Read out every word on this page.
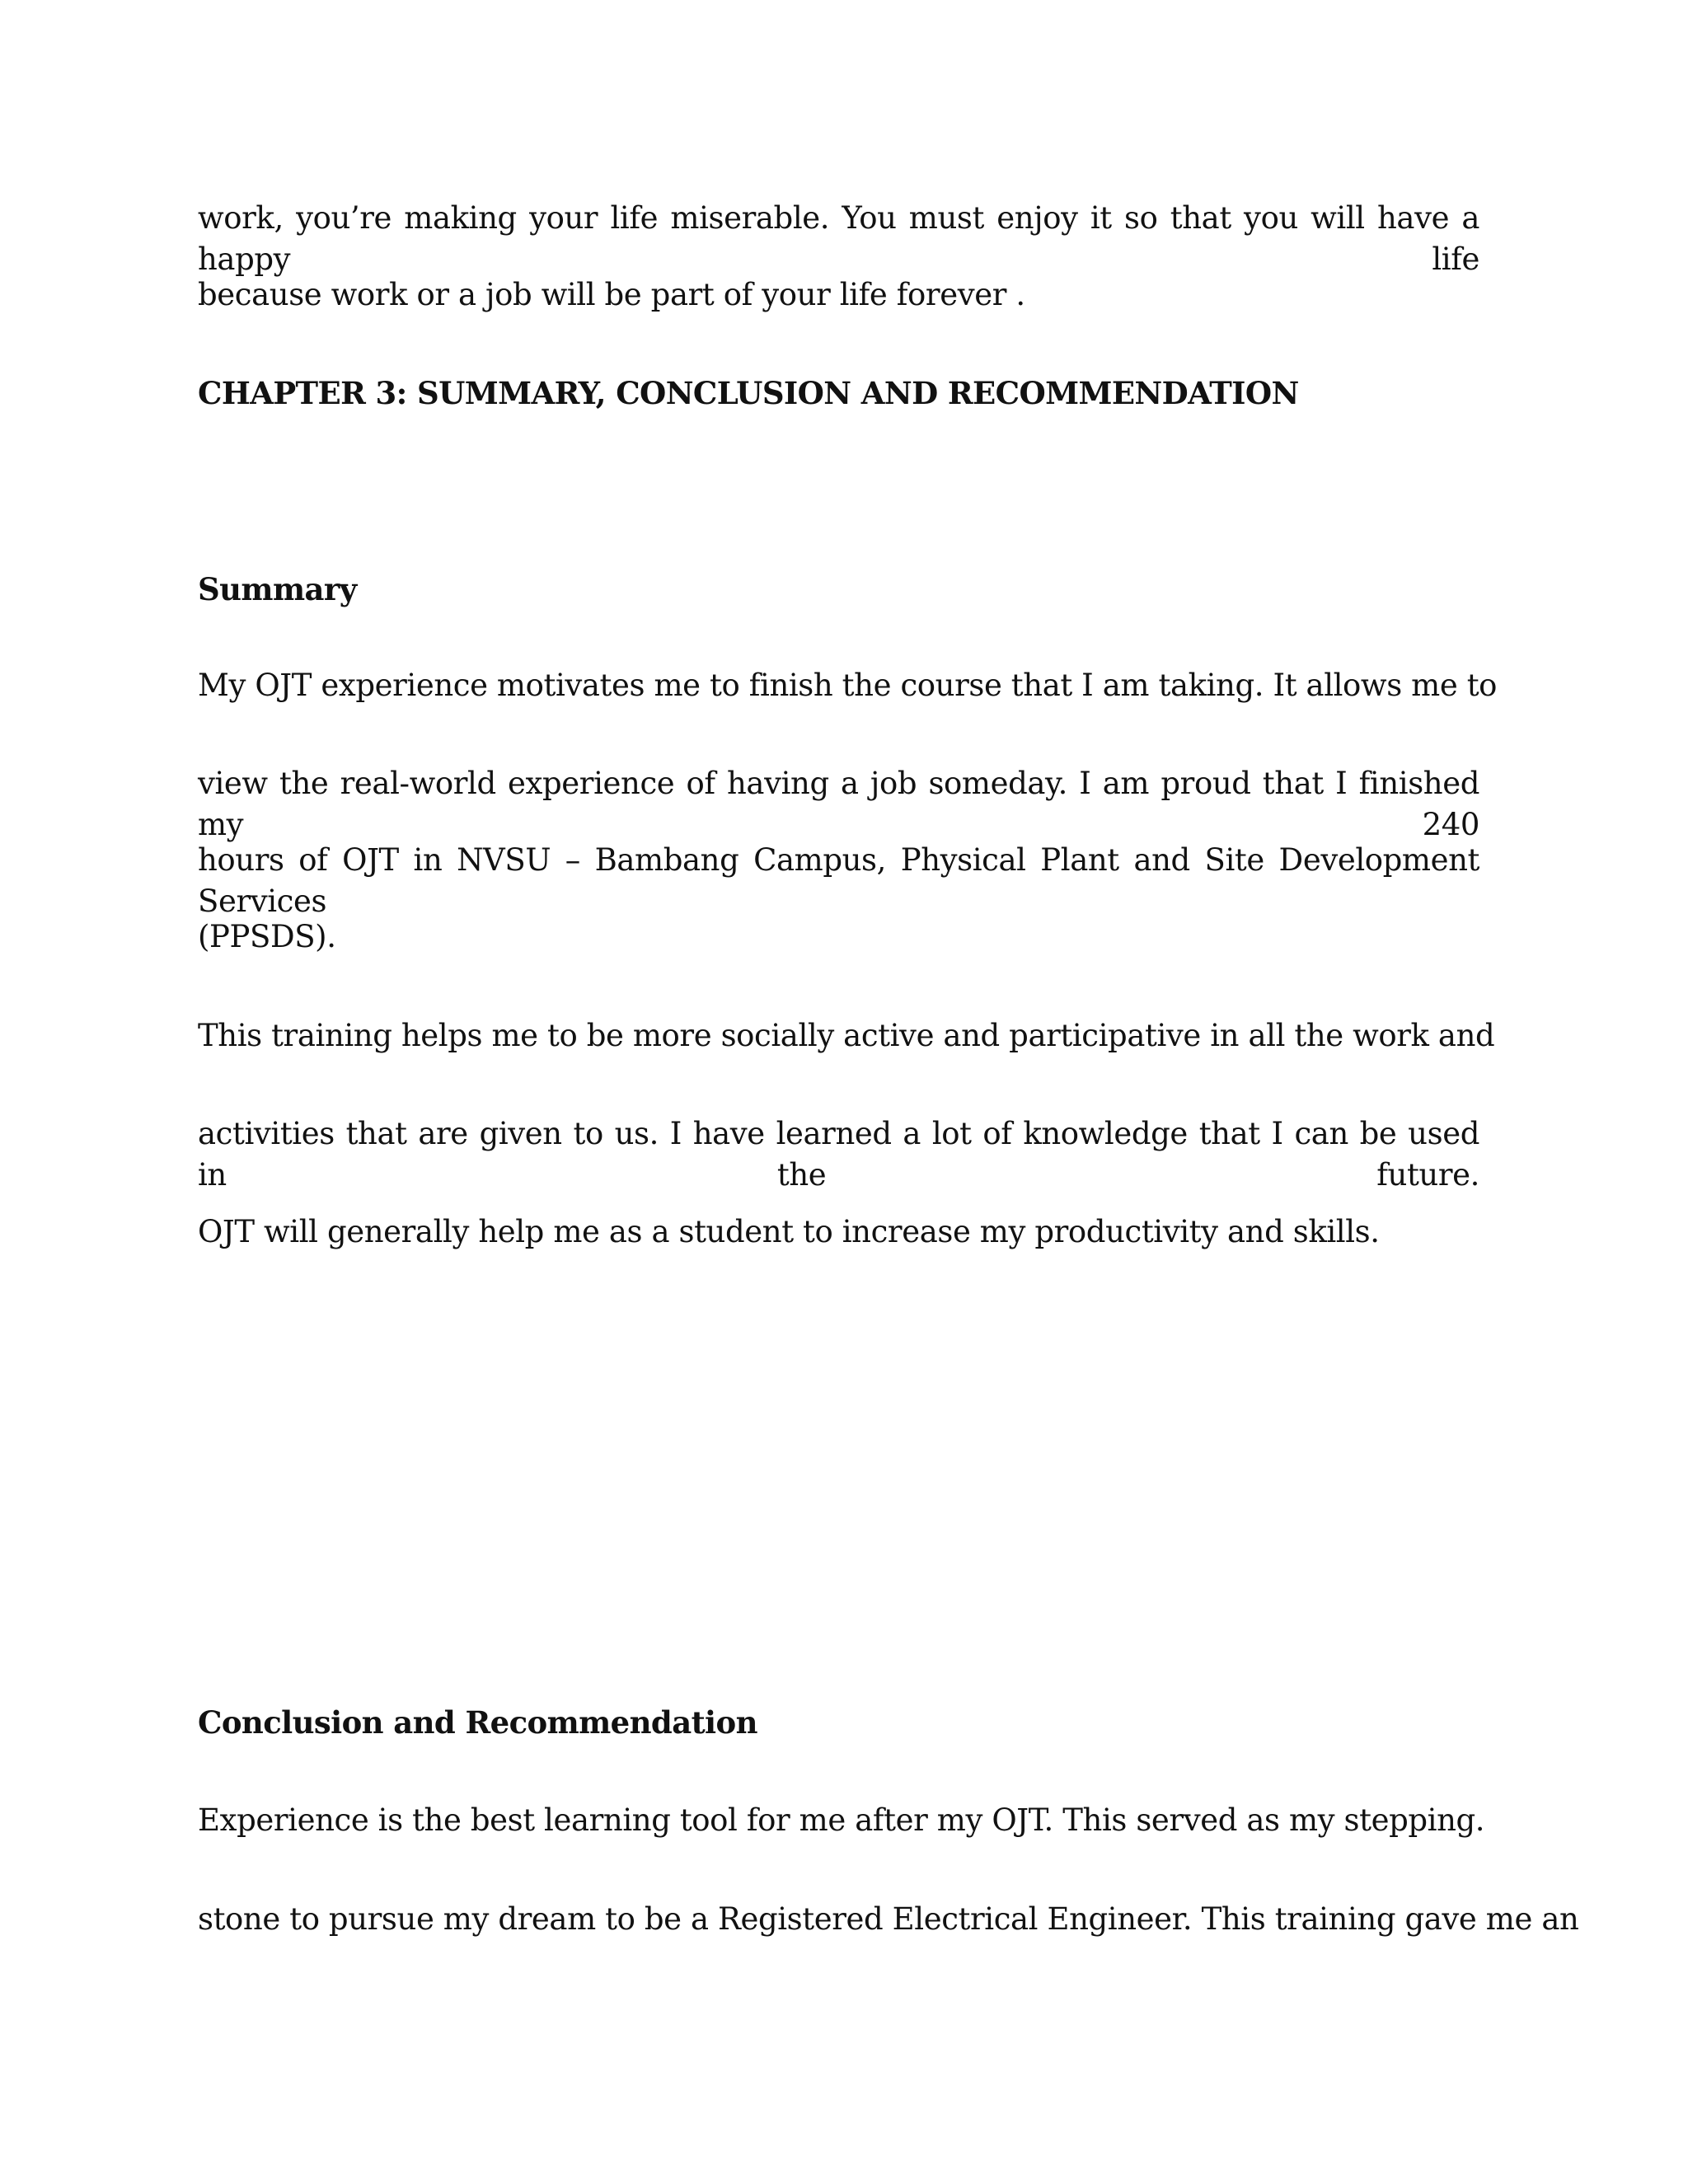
work, you’re making your life miserable. You must enjoy it so that you will have a happy life
because work or a job will be part of your life forever .
CHAPTER 3: SUMMARY, CONCLUSION AND RECOMMENDATION
Summary
My OJT experience motivates me to finish the course that I am taking. It allows me to
view the real-world experience of having a job someday. I am proud that I finished my 240
hours of OJT in NVSU – Bambang Campus, Physical Plant and Site Development Services
(PPSDS).
This training helps me to be more socially active and participative in all the work and
activities that are given to us. I have learned a lot of knowledge that I can be used in the future.
OJT will generally help me as a student to increase my productivity and skills.
Conclusion and Recommendation
Experience is the best learning tool for me after my OJT. This served as my stepping.
stone to pursue my dream to be a Registered Electrical Engineer. This training gave me an
